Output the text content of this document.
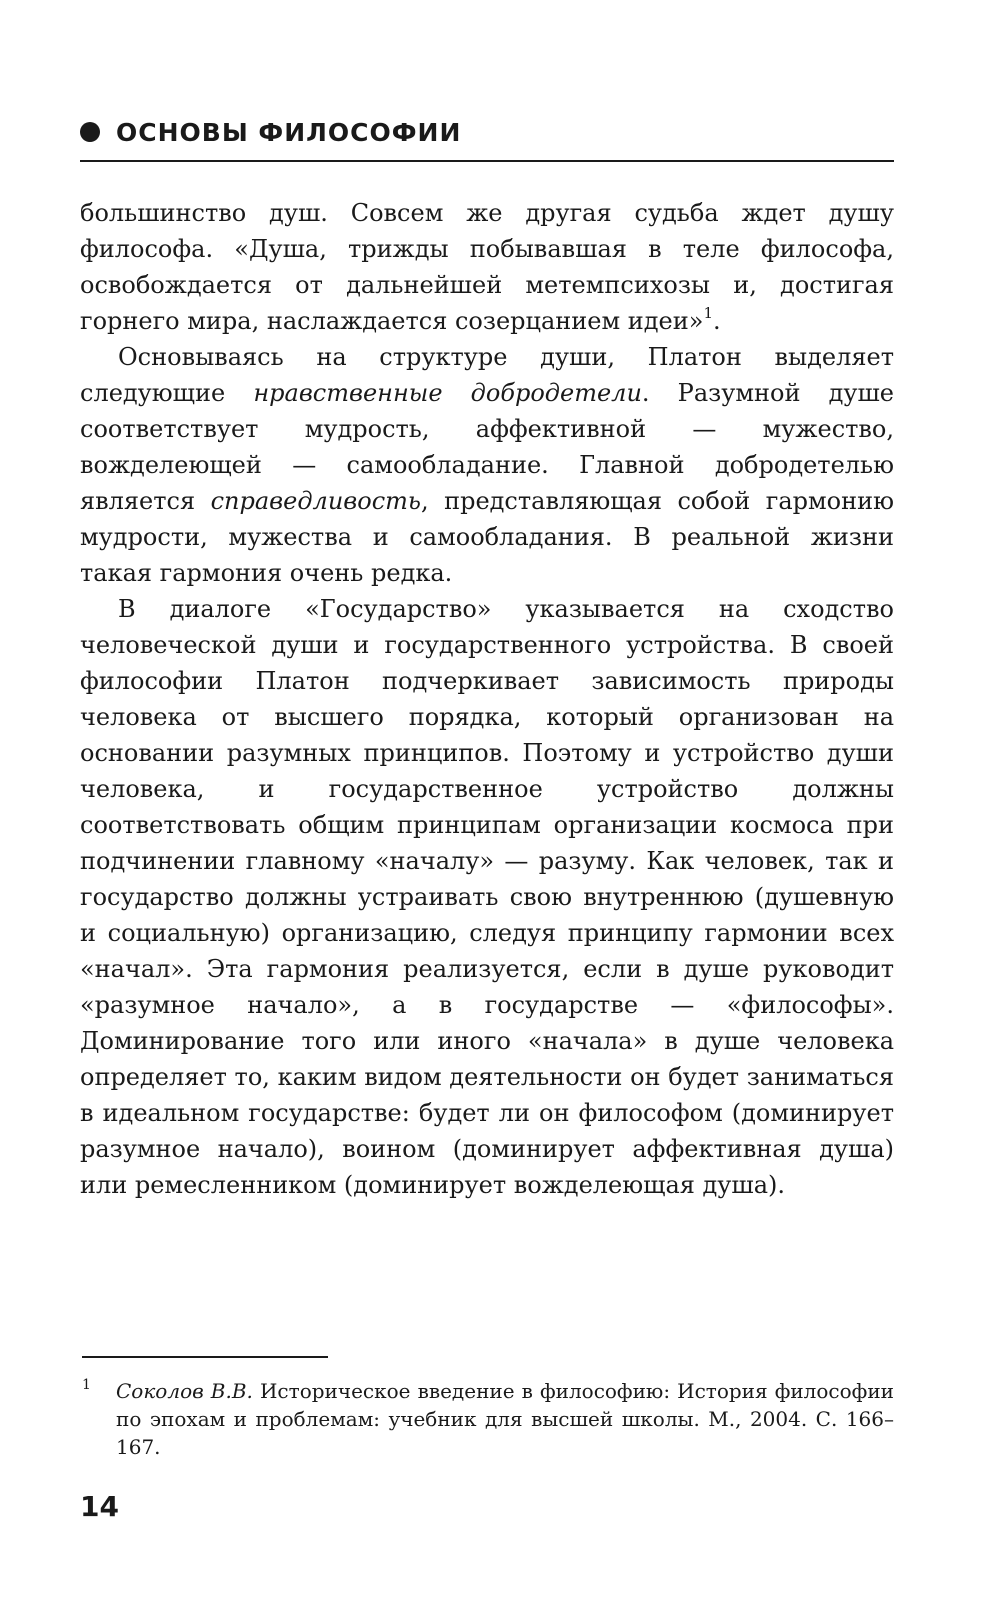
ОСНОВЫ ФИЛОСОФИИ

большинство душ. Совсем же другая судьба ждет душу философа. «Душа, трижды побывавшая в теле философа, освобождается от дальнейшей метемпсихозы и, достигая горнего мира, наслаждается созерцанием идеи»$^1$.

Основываясь на структуре души, Платон выделяет следующие нравственные добродетели. Разумной душе соответствует мудрость, аффективной — мужество, вожделеющей — самообладание. Главной добродетелью является справедливость, представляющая собой гармонию мудрости, мужества и самообладания. В реальной жизни такая гармония очень редка.

В диалоге «Государство» указывается на сходство человеческой души и государственного устройства. В своей философии Платон подчеркивает зависимость природы человека от высшего порядка, который организован на основании разумных принципов. Поэтому и устройство души человека, и государственное устройство должны соответствовать общим принципам организации космоса при подчинении главному «началу» — разуму. Как человек, так и государство должны устраивать свою внутреннюю (душевную и социальную) организацию, следуя принципу гармонии всех «начал». Эта гармония реализуется, если в душе руководит «разумное начало», а в государстве — «философы». Доминирование того или иного «начала» в душе человека определяет то, каким видом деятельности он будет заниматься в идеальном государстве: будет ли он философом (доминирует разумное начало), воином (доминирует аффективная душа) или ремесленником (доминирует вожделеющая душа).

1 Соколов В.В. Историческое введение в философию: История философии по эпохам и проблемам: учебник для высшей школы. М., 2004. С. 166–167.
14
